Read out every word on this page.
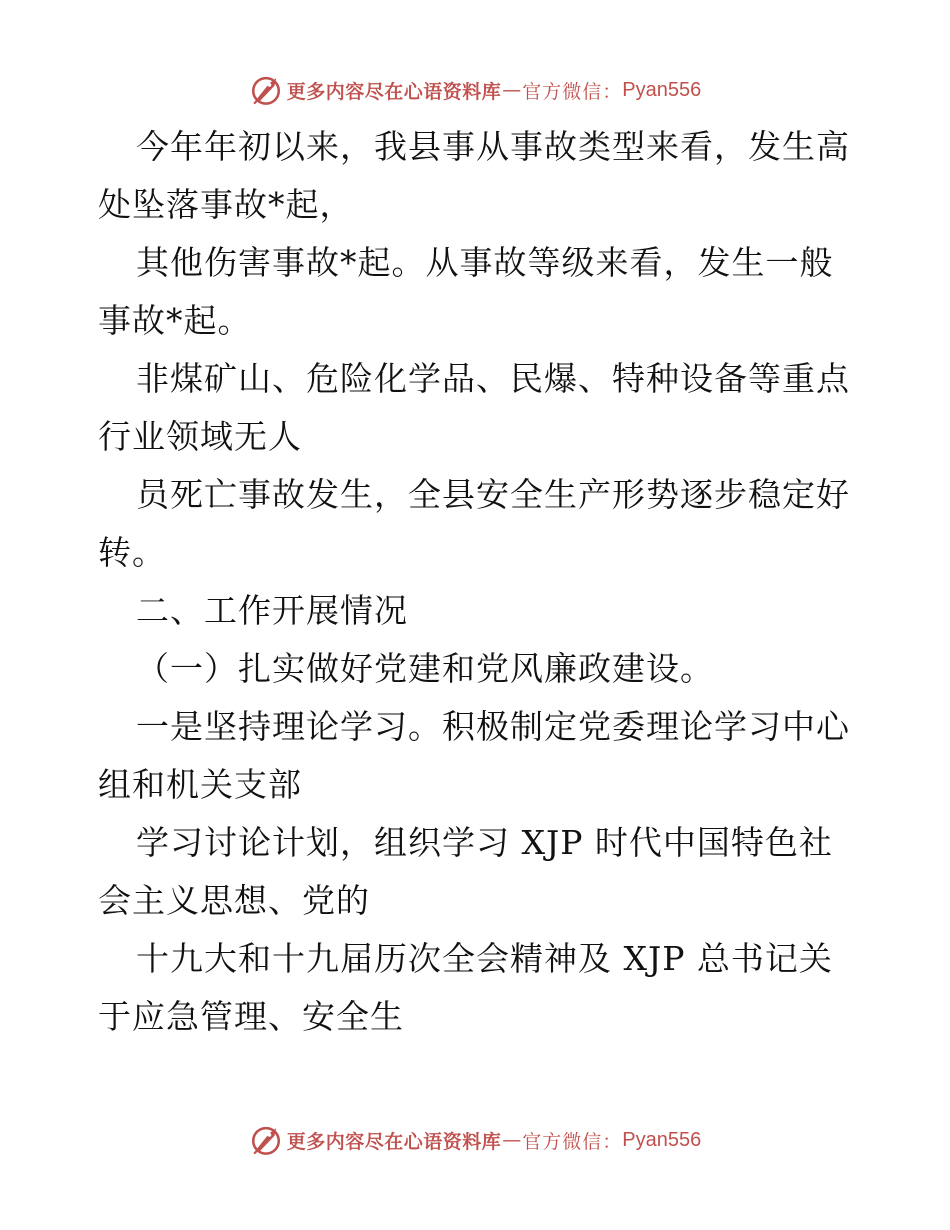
更多内容尽在心语资料库 — 官方微信： Pyan556
今年年初以来，我县事从事故类型来看，发生高
处坠落事故*起，
其他伤害事故*起。从事故等级来看，发生一般
事故*起。
非煤矿山、危险化学品、民爆、特种设备等重点
行业领域无人
员死亡事故发生，全县安全生产形势逐步稳定好
转。
二、工作开展情况
（一）扎实做好党建和党风廉政建设。
一是坚持理论学习。积极制定党委理论学习中心
组和机关支部
学习讨论计划，组织学习 XJP 时代中国特色社
会主义思想、党的
十九大和十九届历次全会精神及 XJP 总书记关
于应急管理、安全生
更多内容尽在心语资料库 — 官方微信： Pyan556
